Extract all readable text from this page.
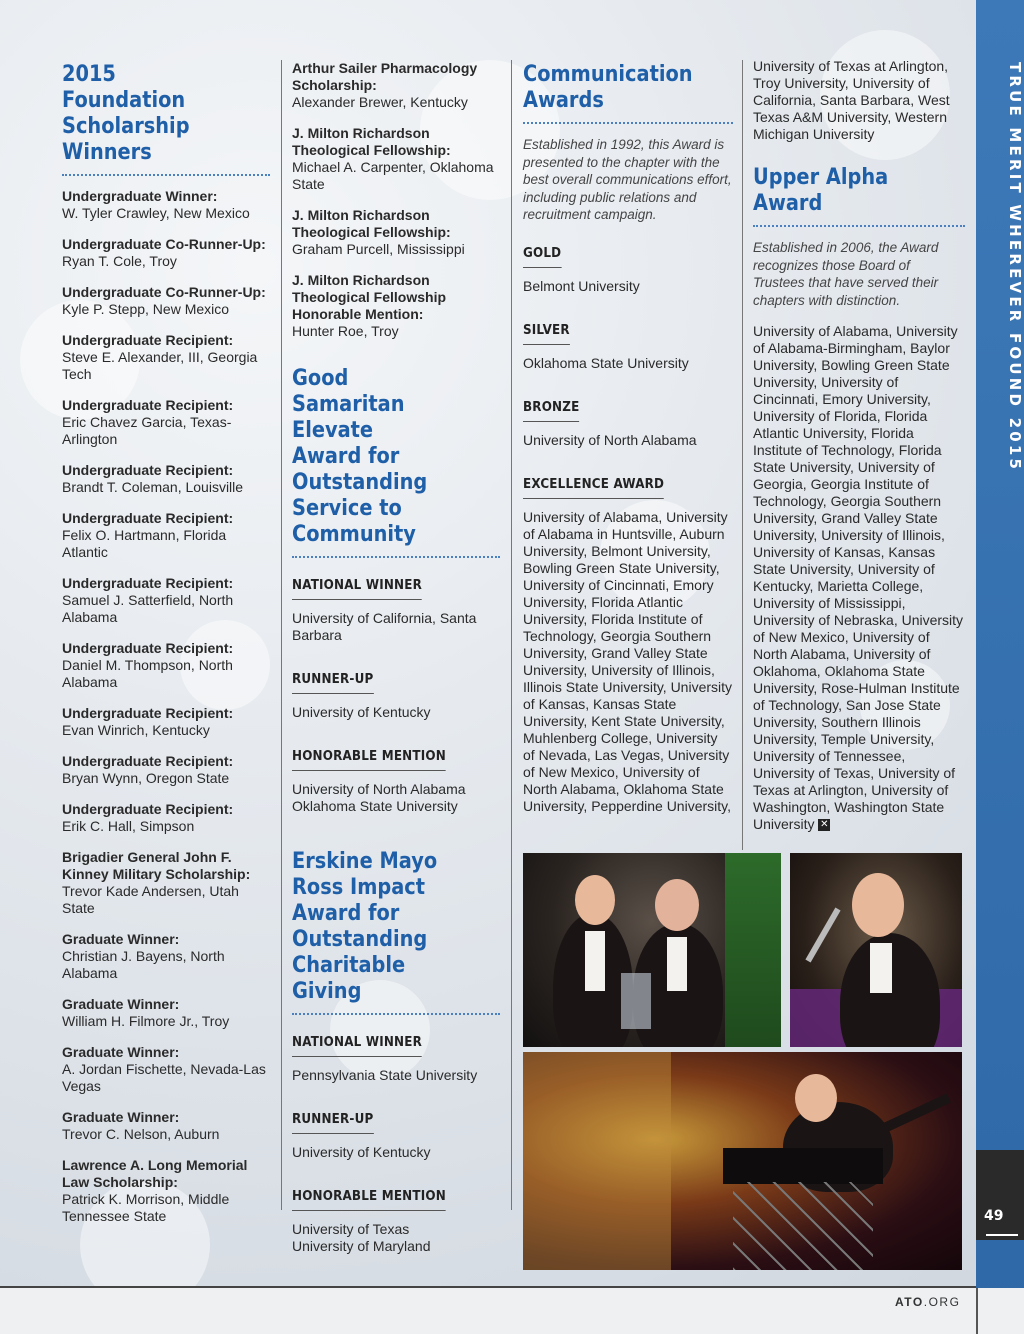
2015 Foundation Scholarship Winners
Undergraduate Winner:
W. Tyler Crawley, New Mexico
Undergraduate Co-Runner-Up:
Ryan T. Cole, Troy
Undergraduate Co-Runner-Up:
Kyle P. Stepp, New Mexico
Undergraduate Recipient:
Steve E. Alexander, III, Georgia Tech
Undergraduate Recipient:
Eric Chavez Garcia, Texas-Arlington
Undergraduate Recipient:
Brandt T. Coleman, Louisville
Undergraduate Recipient:
Felix O. Hartmann, Florida Atlantic
Undergraduate Recipient:
Samuel J. Satterfield, North Alabama
Undergraduate Recipient:
Daniel M. Thompson, North Alabama
Undergraduate Recipient:
Evan Winrich, Kentucky
Undergraduate Recipient:
Bryan Wynn, Oregon State
Undergraduate Recipient:
Erik C. Hall, Simpson
Brigadier General John F. Kinney Military Scholarship:
Trevor Kade Andersen, Utah State
Graduate Winner:
Christian J. Bayens, North Alabama
Graduate Winner:
William H. Filmore Jr., Troy
Graduate Winner:
A. Jordan Fischette, Nevada-Las Vegas
Graduate Winner:
Trevor C. Nelson, Auburn
Lawrence A. Long Memorial Law Scholarship:
Patrick K. Morrison, Middle Tennessee State
Arthur Sailer Pharmacology Scholarship:
Alexander Brewer, Kentucky
J. Milton Richardson Theological Fellowship:
Michael A. Carpenter, Oklahoma State
J. Milton Richardson Theological Fellowship:
Graham Purcell, Mississippi
J. Milton Richardson Theological Fellowship Honorable Mention:
Hunter Roe, Troy
Good Samaritan Elevate Award for Outstanding Service to Community
NATIONAL WINNER
University of California, Santa Barbara
RUNNER-UP
University of Kentucky
HONORABLE MENTION
University of North Alabama
Oklahoma State University
Erskine Mayo Ross Impact Award for Outstanding Charitable Giving
NATIONAL WINNER
Pennsylvania State University
RUNNER-UP
University of Kentucky
HONORABLE MENTION
University of Texas
University of Maryland
Communication Awards
Established in 1992, this Award is presented to the chapter with the best overall communications effort, including public relations and recruitment campaign.
GOLD
Belmont University
SILVER
Oklahoma State University
BRONZE
University of North Alabama
EXCELLENCE AWARD
University of Alabama, University of Alabama in Huntsville, Auburn University, Belmont University, Bowling Green State University, University of Cincinnati, Emory University, Florida Atlantic University, Florida Institute of Technology, Georgia Southern University, Grand Valley State University, University of Illinois, Illinois State University, University of Kansas, Kansas State University, Kent State University, Muhlenberg College, University of Nevada, Las Vegas, University of New Mexico, University of North Alabama, Oklahoma State University, Pepperdine University,
University of Texas at Arlington, Troy University, University of California, Santa Barbara, West Texas A&M University, Western Michigan University
Upper Alpha Award
Established in 2006, the Award recognizes those Board of Trustees that have served their chapters with distinction.
University of Alabama, University of Alabama-Birmingham, Baylor University, Bowling Green State University, University of Cincinnati, Emory University, University of Florida, Florida Atlantic University, Florida Institute of Technology, Florida State University, University of Georgia, Georgia Institute of Technology, Georgia Southern University, Grand Valley State University, University of Illinois, University of Kansas, Kansas State University, University of Kentucky, Marietta College, University of Mississippi, University of Nebraska, University of New Mexico, University of North Alabama, University of Oklahoma, Oklahoma State University, Rose-Hulman Institute of Technology, San Jose State University, Southern Illinois University, Temple University, University of Tennessee, University of Texas, University of Texas at Arlington, University of Washington, Washington State University ✕
TRUE MERIT WHEREVER FOUND 2015
49
ATO.ORG
